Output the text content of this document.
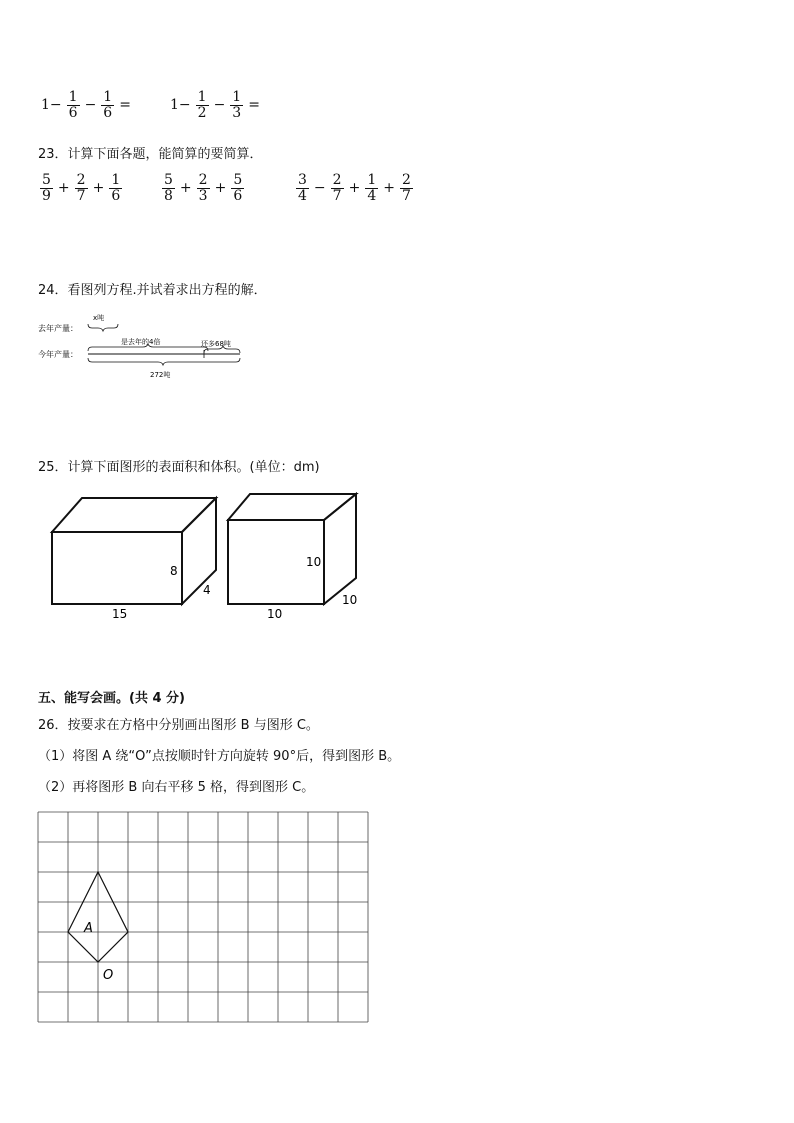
$1- \frac{1}{6} - \frac{1}{6}$ =	$1- \frac{1}{2} - \frac{1}{3}$ =
23．计算下面各题，能简算的要简算．
$\frac{5}{9} + \frac{2}{7} + \frac{1}{6}$	$\frac{5}{8} + \frac{2}{3} + \frac{5}{6}$	$\frac{3}{4} - \frac{2}{7} + \frac{1}{4} + \frac{2}{7}$
24．看图列方程.并试着求出方程的解．
去年产量：
x吨
今年产量：
是去年的4倍	还多68吨
272吨
25．计算下面图形的表面积和体积。(单位：dm)
8
4
15
10
10
10
五、能写会画。(共 4 分)
26．按要求在方格中分别画出图形 B 与图形 C。
（1）将图 A 绕“O”点按顺时针方向旋转 90°后，得到图形 B。
（2）再将图形 B 向右平移 5 格，得到图形 C。
A
O
